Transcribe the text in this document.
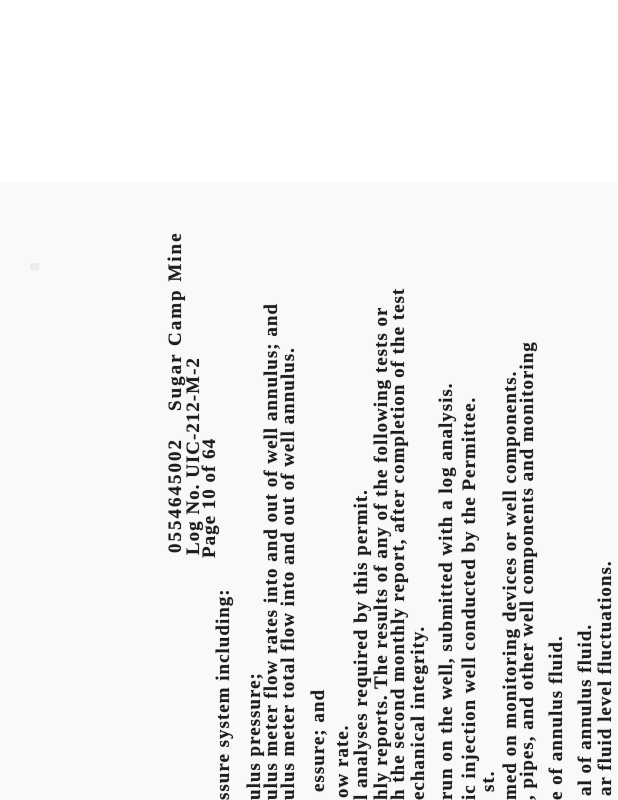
0554645002    Sugar Camp Mine
Log No. UIC-212-M-2
Page 10 of 64
ssure system including: ulus pressure;
ulus meter flow rates into and out of well annulus; and
ulus meter total flow into and out of well annulus. essure; and ow rate.
l analyses required by this permit. hly reports. The results of any of the following tests or
h the second monthly report, after completion of the test echanical integrity. run on the well, submitted with a log analysis. ic injection well conducted by the Permittee.
st. med on monitoring devices or well components.
, pipes, and other well components and monitoring e of annulus fluid. al of annulus fluid. ar fluid level fluctuations.
